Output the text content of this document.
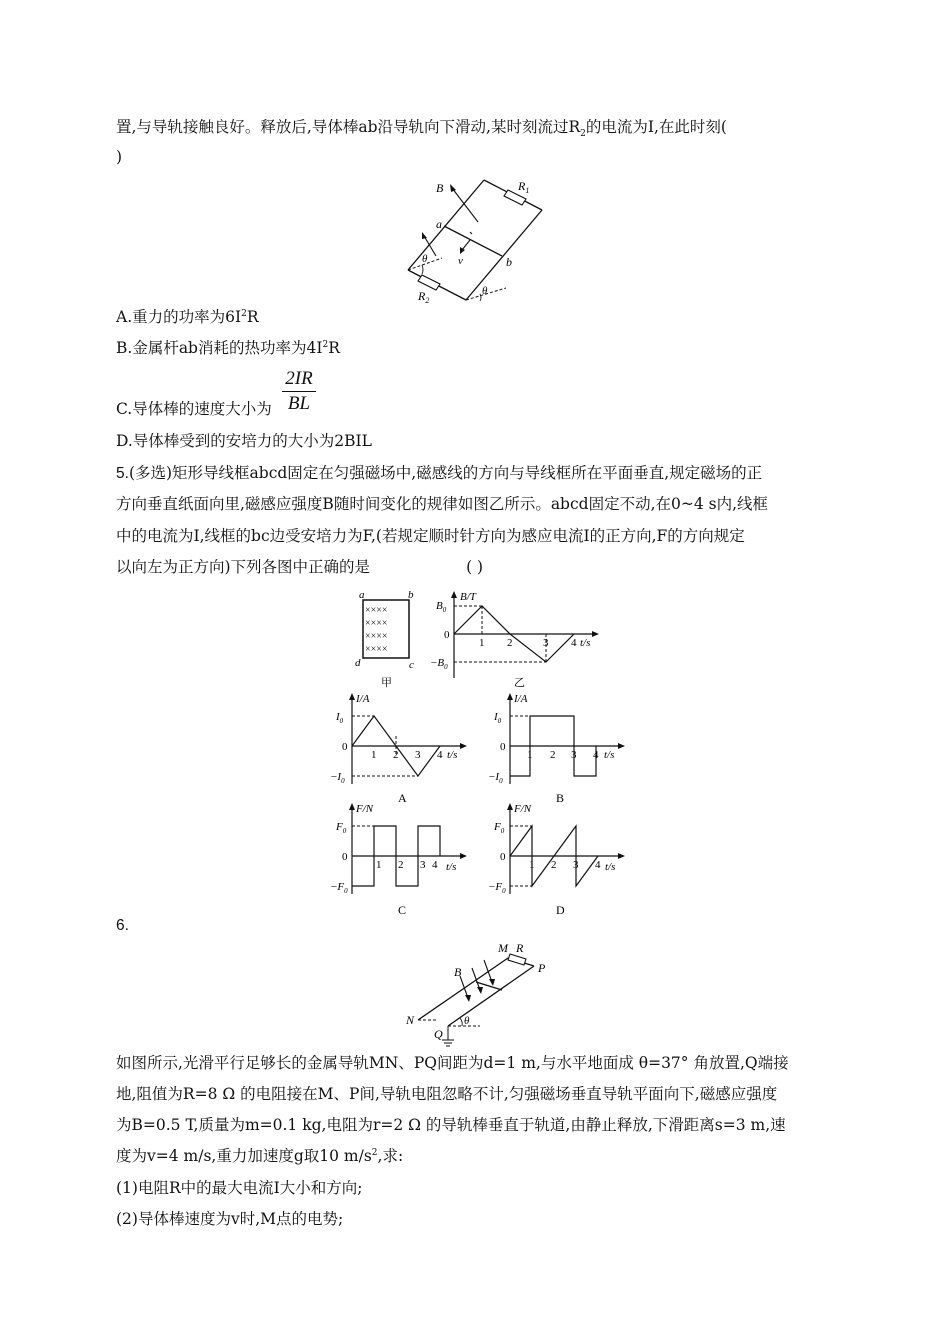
置,与导轨接触良好。释放后,导体棒ab沿导轨向下滑动,某时刻流过$R_2$的电流为I,在此时刻(
)
B	$R_1$
a
b
v
θ
θ
$R_2$
A.重力的功率为$6I^2R$
B.金属杆ab消耗的热功率为$4I^2R$
C.导体棒的速度大小为 $\frac{2IR}{BL}$
D.导体棒受到的安培力的大小为2BIL
5.(多选)矩形导线框abcd固定在匀强磁场中,磁感线的方向与导线框所在平面垂直,规定磁场的正
方向垂直纸面向里,磁感应强度B随时间变化的规律如图乙所示。abcd固定不动,在0~4 s内,线框
中的电流为I,线框的bc边受安培力为F,(若规定顺时针方向为感应电流I的正方向,F的方向规定
以向左为正方向)下列各图中正确的是	( )
××××
××××
××××
××××
a	b
d	c
甲
B/T
$B_0$
$-B_0$
0
1 2	3 4 t/s
乙
I/A
$I_0$
$-I_0$
0
1 2 3 4 t/s
A
I/A
$I_0$
$-I_0$
0
1 2 3 4 t/s
B
F/N
$F_0$
$-F_0$
0
1 2 3 4 t/s
C
F/N
$F_0$
$-F_0$
0
1 2 3 4 t/s
D
6.
M R
P
B
N
Q
θ
如图所示,光滑平行足够长的金属导轨MN、PQ间距为d=1 m,与水平地面成 θ=37° 角放置,Q端接
地,阻值为R=8 Ω 的电阻接在M、P间,导轨电阻忽略不计,匀强磁场垂直导轨平面向下,磁感应强度
为B=0.5 T,质量为m=0.1 kg,电阻为r=2 Ω 的导轨棒垂直于轨道,由静止释放,下滑距离s=3 m,速
度为v=4 m/s,重力加速度g取10 $m/s^2$,求:
(1)电阻R中的最大电流I大小和方向;
(2)导体棒速度为v时,M点的电势;
